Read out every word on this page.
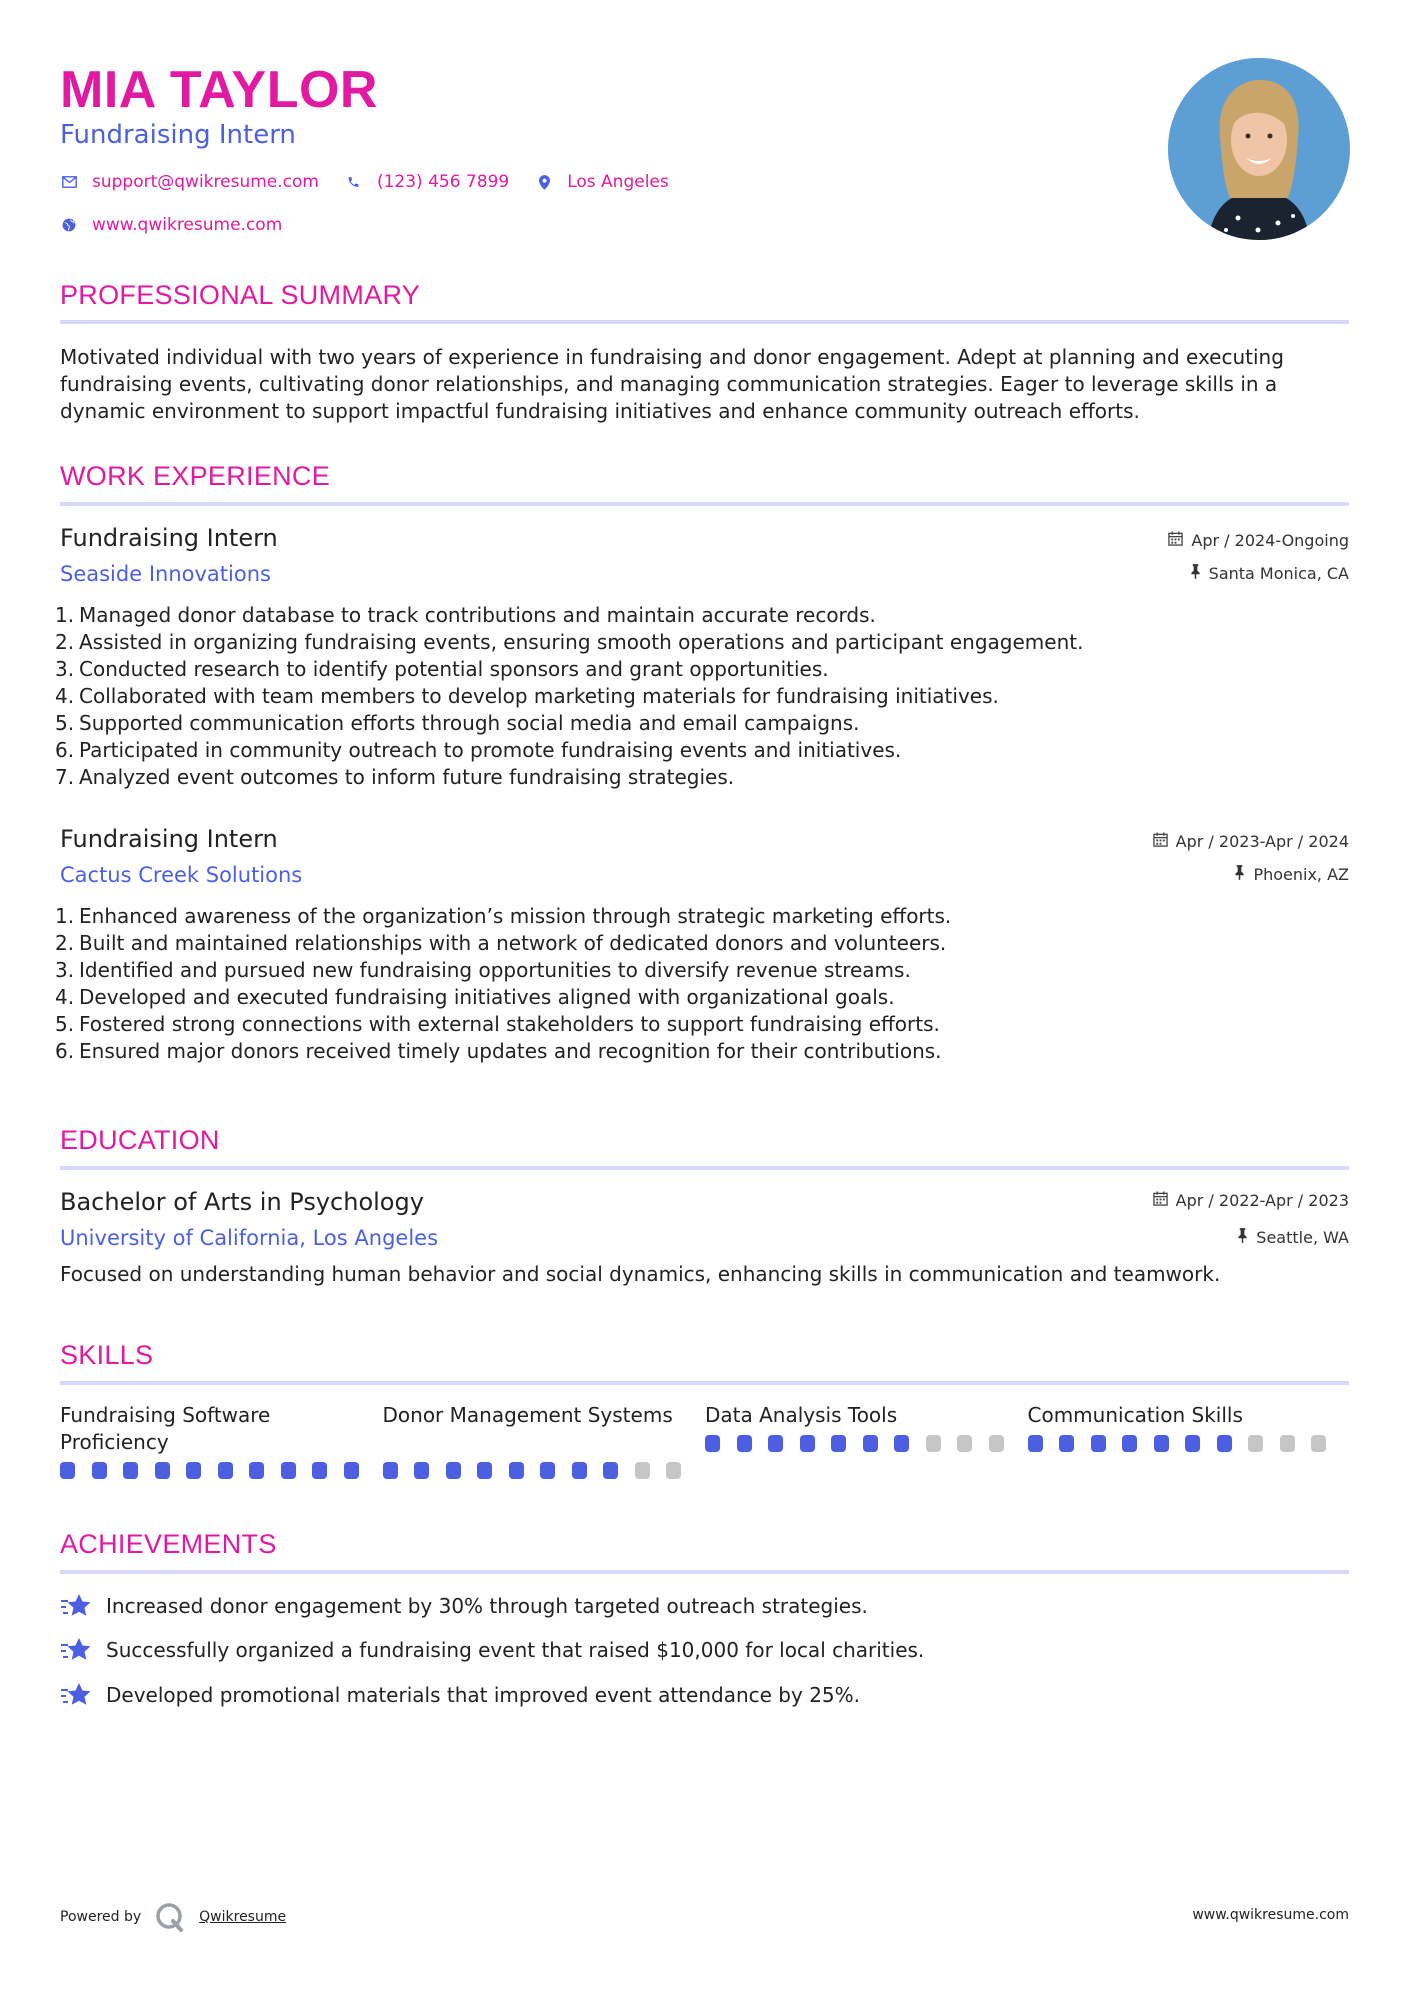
MIA TAYLOR
Fundraising Intern
support@qwikresume.com	(123) 456 7899	Los Angeles
www.qwikresume.com
PROFESSIONAL SUMMARY
Motivated individual with two years of experience in fundraising and donor engagement. Adept at planning and executing fundraising events, cultivating donor relationships, and managing communication strategies. Eager to leverage skills in a dynamic environment to support impactful fundraising initiatives and enhance community outreach efforts.
WORK EXPERIENCE
Fundraising Intern
Seaside Innovations
Apr / 2024-Ongoing
Santa Monica, CA
1. Managed donor database to track contributions and maintain accurate records.
2. Assisted in organizing fundraising events, ensuring smooth operations and participant engagement.
3. Conducted research to identify potential sponsors and grant opportunities.
4. Collaborated with team members to develop marketing materials for fundraising initiatives.
5. Supported communication efforts through social media and email campaigns.
6. Participated in community outreach to promote fundraising events and initiatives.
7. Analyzed event outcomes to inform future fundraising strategies.
Fundraising Intern
Cactus Creek Solutions
Apr / 2023-Apr / 2024
Phoenix, AZ
1. Enhanced awareness of the organization’s mission through strategic marketing efforts.
2. Built and maintained relationships with a network of dedicated donors and volunteers.
3. Identified and pursued new fundraising opportunities to diversify revenue streams.
4. Developed and executed fundraising initiatives aligned with organizational goals.
5. Fostered strong connections with external stakeholders to support fundraising efforts.
6. Ensured major donors received timely updates and recognition for their contributions.
EDUCATION
Bachelor of Arts in Psychology
University of California, Los Angeles
Apr / 2022-Apr / 2023
Seattle, WA
Focused on understanding human behavior and social dynamics, enhancing skills in communication and teamwork.
SKILLS
Fundraising Software Proficiency
Donor Management Systems	Data Analysis Tools	Communication Skills
ACHIEVEMENTS
Increased donor engagement by 30% through targeted outreach strategies.
Successfully organized a fundraising event that raised $10,000 for local charities.
Developed promotional materials that improved event attendance by 25%.
Powered by	Qwikresume	www.qwikresume.com
